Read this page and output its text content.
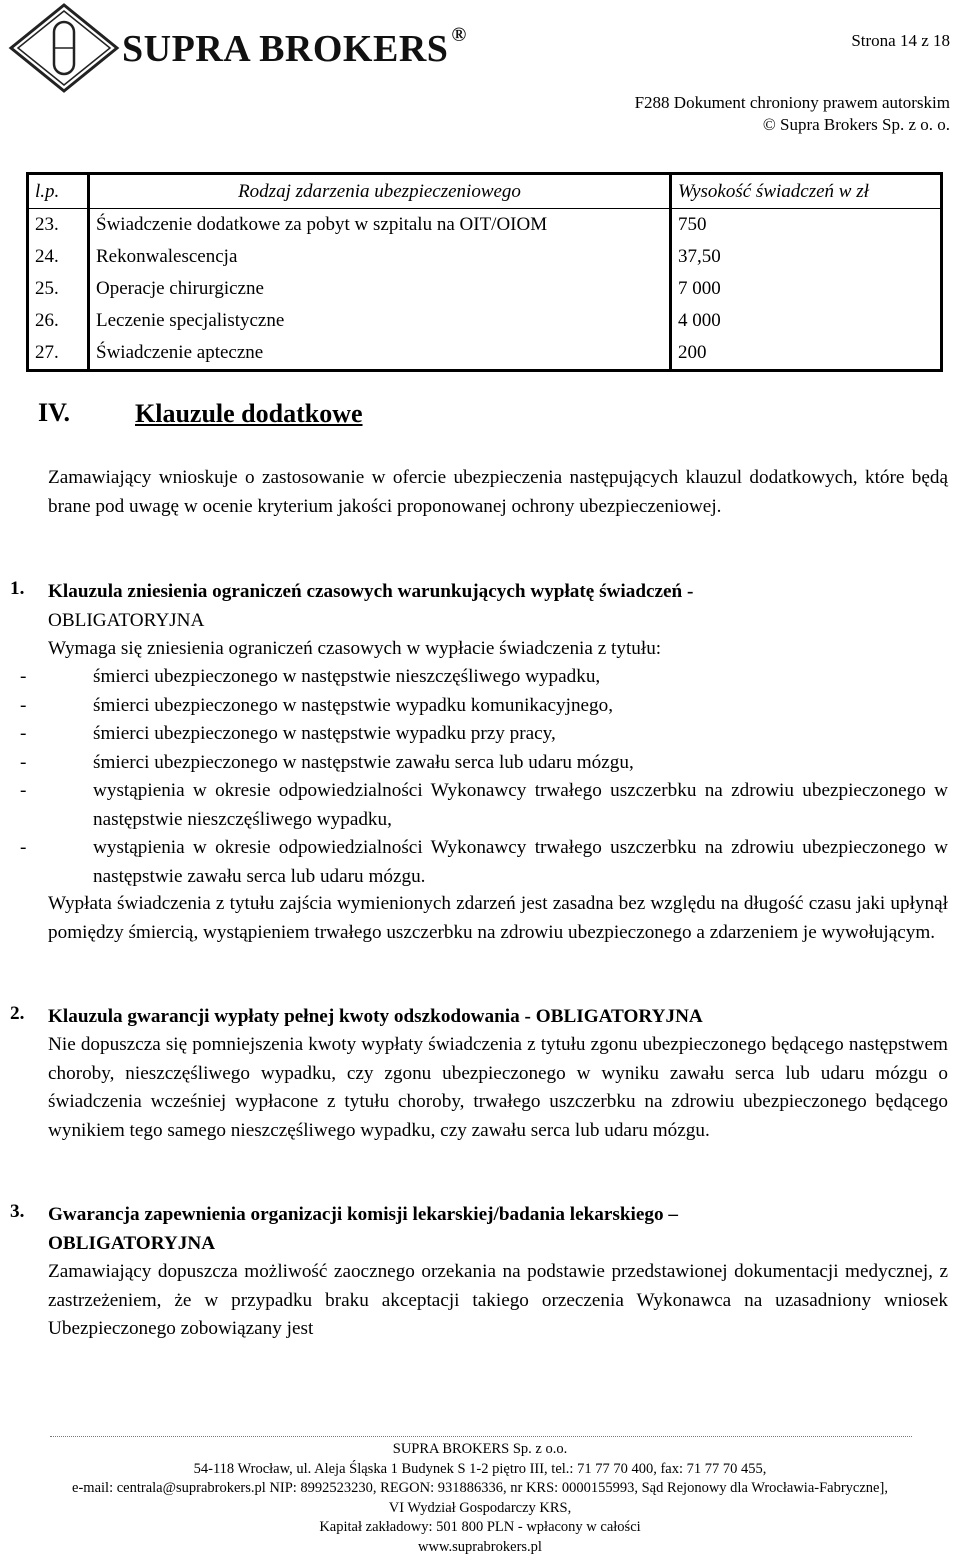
SUPRA BROKERS ®	Strona 14 z 18
F288 Dokument chroniony prawem autorskim
© Supra Brokers Sp. z o. o.
l.p.	Rodzaj zdarzenia ubezpieczeniowego	Wysokość świadczeń w zł
23.	Świadczenie dodatkowe za pobyt w szpitalu na OIT/OIOM	750
24.	Rekonwalescencja	37,50
25.	Operacje chirurgiczne	7 000
26.	Leczenie specjalistyczne	4 000
27.	Świadczenie apteczne	200
IV. Klauzule dodatkowe

Zamawiający wnioskuje o zastosowanie w ofercie ubezpieczenia następujących klauzul dodatkowych, które będą brane pod uwagę w ocenie kryterium jakości proponowanej ochrony ubezpieczeniowej.

1. Klauzula zniesienia ograniczeń czasowych warunkujących wypłatę świadczeń -
OBLIGATORYJNA

Wymaga się zniesienia ograniczeń czasowych w wypłacie świadczenia z tytułu:

- śmierci ubezpieczonego w następstwie nieszczęśliwego wypadku,
- śmierci ubezpieczonego w następstwie wypadku komunikacyjnego,
- śmierci ubezpieczonego w następstwie wypadku przy pracy,
- śmierci ubezpieczonego w następstwie zawału serca lub udaru mózgu,
- wystąpienia w okresie odpowiedzialności Wykonawcy trwałego uszczerbku na zdrowiu ubezpieczonego w następstwie nieszczęśliwego wypadku,
- wystąpienia w okresie odpowiedzialności Wykonawcy trwałego uszczerbku na zdrowiu ubezpieczonego w następstwie zawału serca lub udaru mózgu.

Wypłata świadczenia z tytułu zajścia wymienionych zdarzeń jest zasadna bez względu na długość czasu jaki upłynął pomiędzy śmiercią, wystąpieniem trwałego uszczerbku na zdrowiu ubezpieczonego a zdarzeniem je wywołującym.

2. Klauzula gwarancji wypłaty pełnej kwoty odszkodowania - OBLIGATORYJNA

Nie dopuszcza się pomniejszenia kwoty wypłaty świadczenia z tytułu zgonu ubezpieczonego będącego następstwem choroby, nieszczęśliwego wypadku, czy zgonu ubezpieczonego w wyniku zawału serca lub udaru mózgu o świadczenia wcześniej wypłacone z tytułu choroby, trwałego uszczerbku na zdrowiu ubezpieczonego będącego wynikiem tego samego nieszczęśliwego wypadku, czy zawału serca lub udaru mózgu.

3. Gwarancja zapewnienia organizacji komisji lekarskiej/badania lekarskiego –
OBLIGATORYJNA

Zamawiający dopuszcza możliwość zaocznego orzekania na podstawie przedstawionej dokumentacji medycznej, z zastrzeżeniem, że w przypadku braku akceptacji takiego orzeczenia Wykonawca na uzasadniony wniosek Ubezpieczonego zobowiązany jest

SUPRA BROKERS Sp. z o.o.
54-118 Wrocław, ul. Aleja Śląska 1 Budynek S 1-2 piętro III, tel.: 71 77 70 400, fax: 71 77 70 455,
e-mail: centrala@suprabrokers.pl NIP: 8992523230, REGON: 931886336, nr KRS: 0000155993, Sąd Rejonowy dla Wrocławia-Fabryczne],
VI Wydział Gospodarczy KRS,
Kapitał zakładowy: 501 800 PLN - wpłacony w całości
www.suprabrokers.pl
